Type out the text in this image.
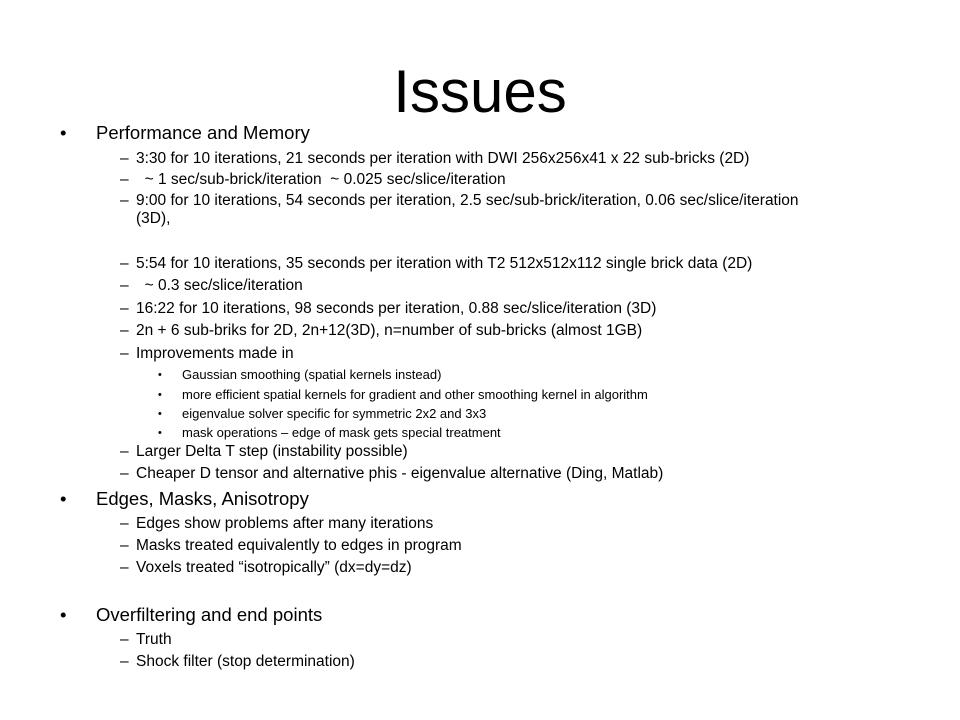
Issues
• Performance and Memory
– 3:30 for 10 iterations, 21 seconds per iteration with DWI 256x256x41 x 22 sub-bricks (2D)
– ~ 1 sec/sub-brick/iteration  ~ 0.025 sec/slice/iteration
– 9:00 for 10 iterations, 54 seconds per iteration, 2.5 sec/sub-brick/iteration, 0.06 sec/slice/iteration (3D),
– 5:54 for 10 iterations, 35 seconds per iteration with T2 512x512x112 single brick data (2D)
– ~ 0.3 sec/slice/iteration
– 16:22 for 10 iterations, 98 seconds per iteration, 0.88 sec/slice/iteration (3D)
– 2n + 6 sub-briks for 2D, 2n+12(3D), n=number of sub-bricks (almost 1GB)
– Improvements made in
• Gaussian smoothing (spatial kernels instead)
• more efficient spatial kernels for gradient and other smoothing kernel in algorithm
• eigenvalue solver specific for symmetric 2x2 and 3x3
• mask operations – edge of mask gets special treatment
– Larger Delta T step (instability possible)
– Cheaper D tensor and alternative phis - eigenvalue alternative (Ding, Matlab)
• Edges, Masks, Anisotropy
– Edges show problems after many iterations
– Masks treated equivalently to edges in program
– Voxels treated “isotropically” (dx=dy=dz)
• Overfiltering and end points
– Truth
– Shock filter (stop determination)
